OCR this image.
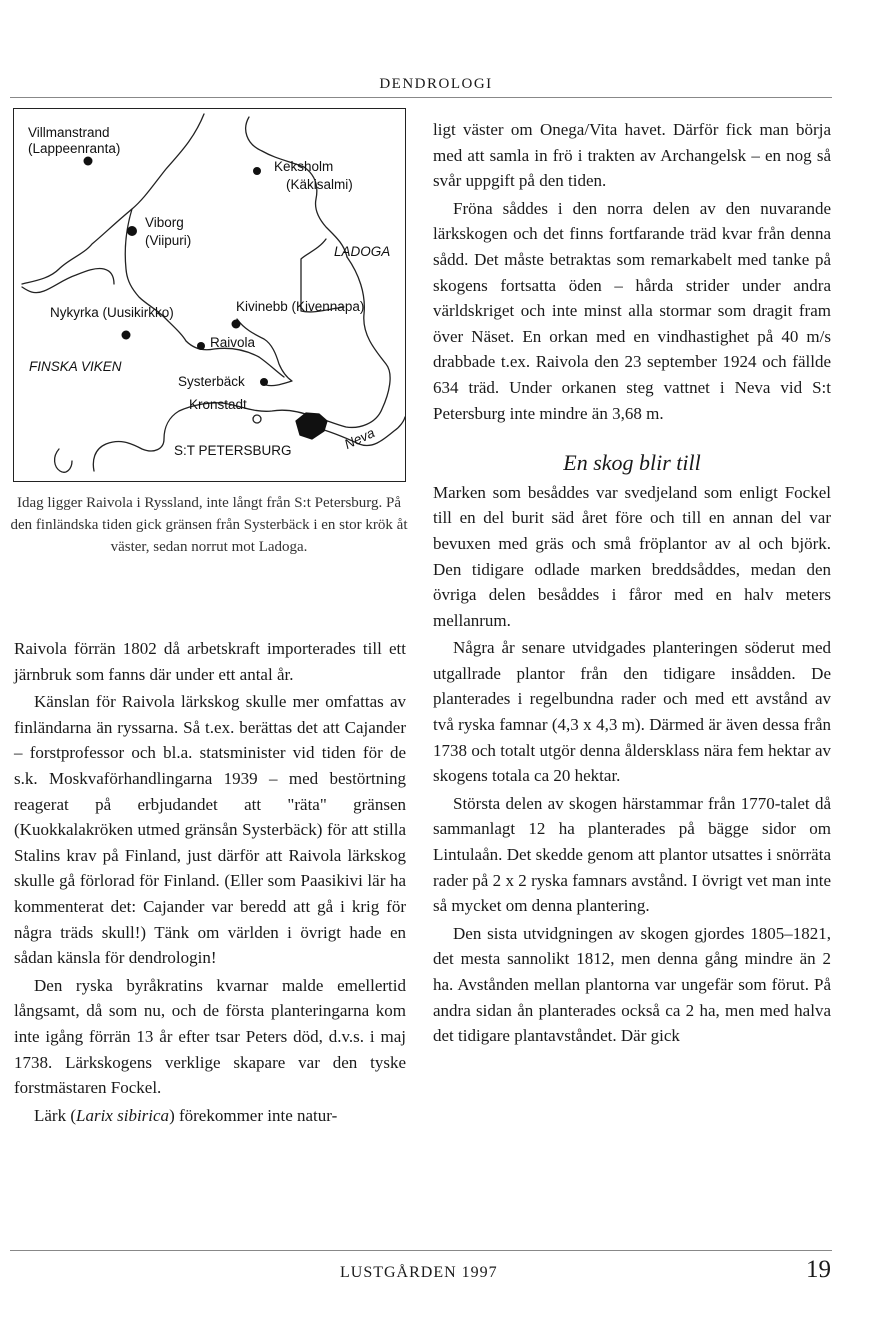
DENDROLOGI
Villmanstrand
(Lappeenranta)
Keksholm
(Käkisalmi)
Viborg
(Viipuri)
LADOGA
Nykyrka (Uusikirkko)	Kivinebb (Kivennapa)
Raivola
FINSKA VIKEN
Systerbäck
Kronstadt
Neva
S:T PETERSBURG
Idag ligger Raivola i Ryssland, inte långt från S:t Petersburg. På den finländska tiden gick gränsen från Systerbäck i en stor krök åt väster, sedan norrut mot Ladoga.

Raivola förrän 1802 då arbetskraft importerades till ett järnbruk som fanns där under ett antal år.

Känslan för Raivola lärkskog skulle mer omfattas av finländarna än ryssarna. Så t.ex. berättas det att Cajander – forstprofessor och bl.a. statsminister vid tiden för de s.k. Moskvaförhandlingarna 1939 – med bestörtning reagerat på erbjudandet att "räta" gränsen (Kuokkalakröken utmed gränsån Systerbäck) för att stilla Stalins krav på Finland, just därför att Raivola lärkskog skulle gå förlorad för Finland. (Eller som Paasikivi lär ha kommenterat det: Cajander var beredd att gå i krig för några träds skull!) Tänk om världen i övrigt hade en sådan känsla för dendrologin!

Den ryska byråkratins kvarnar malde emellertid långsamt, då som nu, och de första planteringarna kom inte igång förrän 13 år efter tsar Peters död, d.v.s. i maj 1738. Lärkskogens verklige skapare var den tyske forstmästaren Fockel.

Lärk (Larix sibirica) förekommer inte natur-

ligt väster om Onega/Vita havet. Därför fick man börja med att samla in frö i trakten av Archangelsk – en nog så svår uppgift på den tiden.

Fröna såddes i den norra delen av den nuvarande lärkskogen och det finns fortfarande träd kvar från denna sådd. Det måste betraktas som remarkabelt med tanke på skogens fortsatta öden – hårda strider under andra världskriget och inte minst alla stormar som dragit fram över Näset. En orkan med en vindhastighet på 40 m/s drabbade t.ex. Raivola den 23 september 1924 och fällde 634 träd. Under orkanen steg vattnet i Neva vid S:t Petersburg inte mindre än 3,68 m.

En skog blir till

Marken som besåddes var svedjeland som enligt Fockel till en del burit säd året före och till en annan del var bevuxen med gräs och små fröplantor av al och björk. Den tidigare odlade marken breddsåddes, medan den övriga delen besåddes i fåror med en halv meters mellanrum.

Några år senare utvidgades planteringen söderut med utgallrade plantor från den tidigare insådden. De planterades i regelbundna rader och med ett avstånd av två ryska famnar (4,3 x 4,3 m). Därmed är även dessa från 1738 och totalt utgör denna åldersklass nära fem hektar av skogens totala ca 20 hektar.

Största delen av skogen härstammar från 1770-talet då sammanlagt 12 ha planterades på bägge sidor om Lintulaån. Det skedde genom att plantor utsattes i snörräta rader på 2 x 2 ryska famnars avstånd. I övrigt vet man inte så mycket om denna plantering.

Den sista utvidgningen av skogen gjordes 1805–1821, det mesta sannolikt 1812, men denna gång mindre än 2 ha. Avstånden mellan plantorna var ungefär som förut. På andra sidan ån planterades också ca 2 ha, men med halva det tidigare plantavståndet. Där gick

LUSTGÅRDEN 1997	19
